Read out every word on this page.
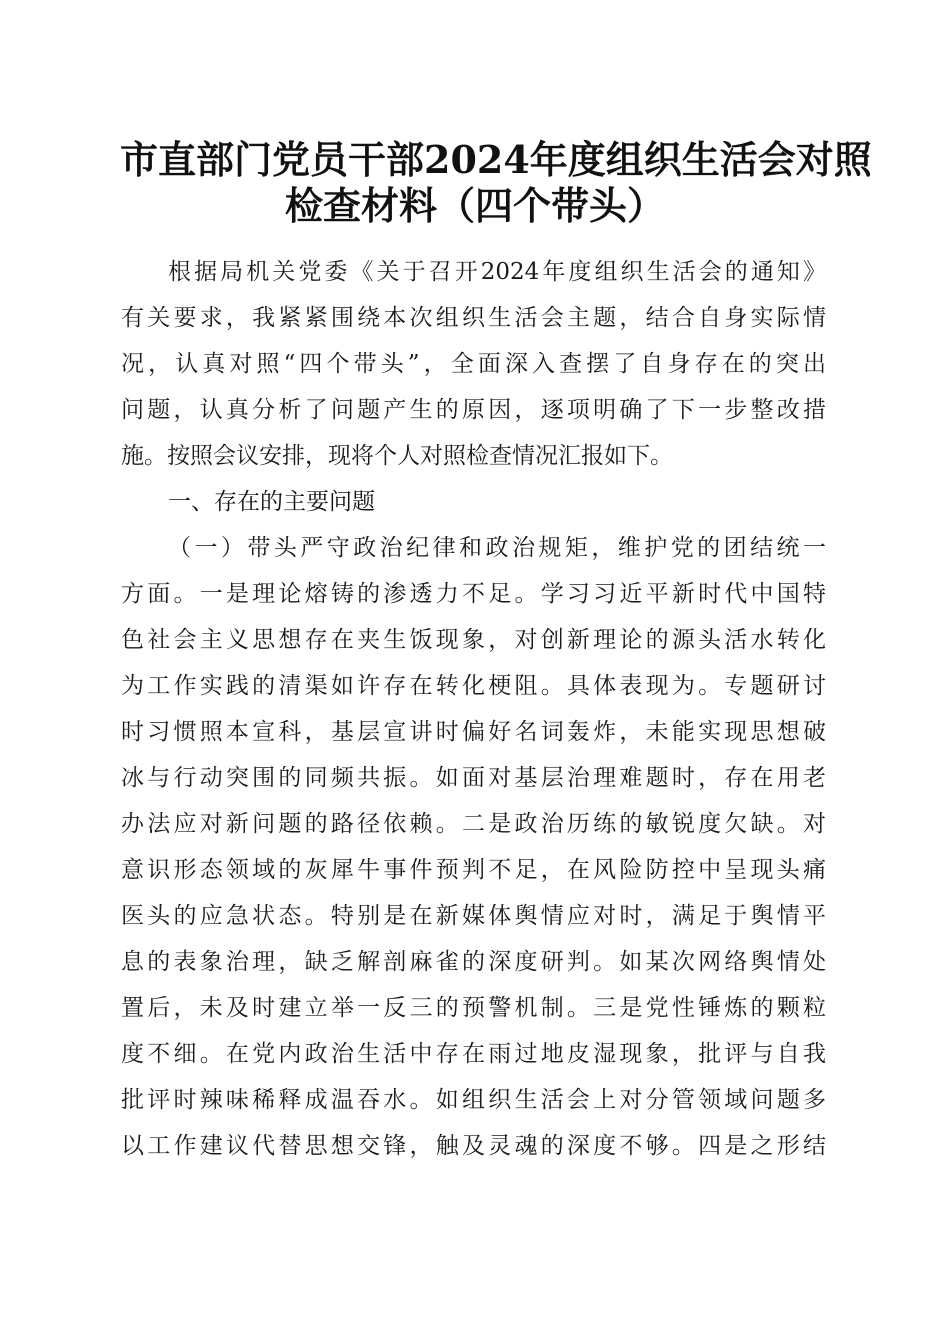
市直部门党员干部2024年度组织生活会对照
检查材料（四个带头）
根据局机关党委《关于召开2024年度组织生活会的通知》
有关要求，我紧紧围绕本次组织生活会主题，结合自身实际情
况，认真对照“四个带头”，全面深入查摆了自身存在的突出
问题，认真分析了问题产生的原因，逐项明确了下一步整改措
施。按照会议安排，现将个人对照检查情况汇报如下。
一、存在的主要问题
（一）带头严守政治纪律和政治规矩，维护党的团结统一
方面。一是理论熔铸的渗透力不足。学习习近平新时代中国特
色社会主义思想存在夹生饭现象，对创新理论的源头活水转化
为工作实践的清渠如许存在转化梗阻。具体表现为。专题研讨
时习惯照本宣科，基层宣讲时偏好名词轰炸，未能实现思想破
冰与行动突围的同频共振。如面对基层治理难题时，存在用老
办法应对新问题的路径依赖。二是政治历练的敏锐度欠缺。对
意识形态领域的灰犀牛事件预判不足，在风险防控中呈现头痛
医头的应急状态。特别是在新媒体舆情应对时，满足于舆情平
息的表象治理，缺乏解剖麻雀的深度研判。如某次网络舆情处
置后，未及时建立举一反三的预警机制。三是党性锤炼的颗粒
度不细。在党内政治生活中存在雨过地皮湿现象，批评与自我
批评时辣味稀释成温吞水。如组织生活会上对分管领域问题多
以工作建议代替思想交锋，触及灵魂的深度不够。四是之形结
